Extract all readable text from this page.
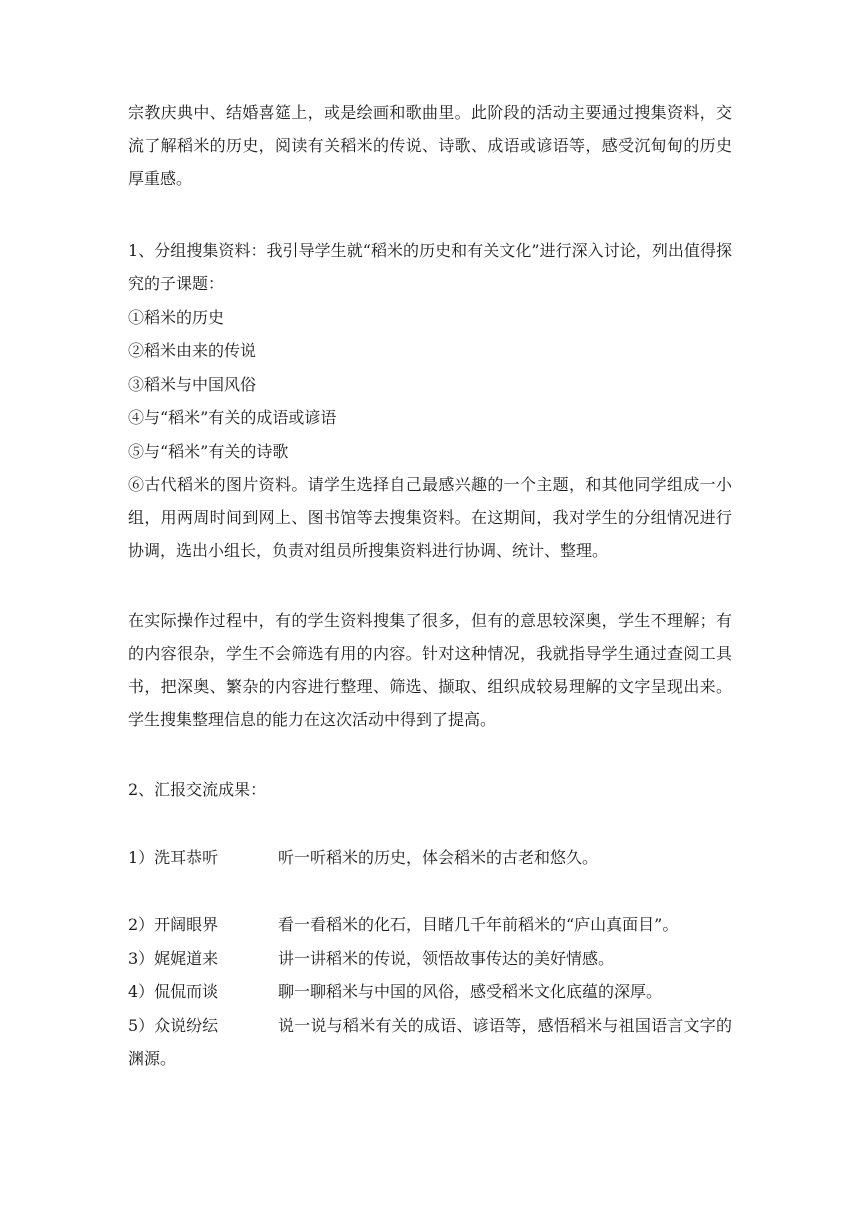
宗教庆典中、结婚喜筵上，或是绘画和歌曲里。此阶段的活动主要通过搜集资料，交流了解稻米的历史，阅读有关稻米的传说、诗歌、成语或谚语等，感受沉甸甸的历史厚重感。

1、分组搜集资料：我引导学生就“稻米的历史和有关文化”进行深入讨论，列出值得探究的子课题：

①稻米的历史

②稻米由来的传说

③稻米与中国风俗

④与“稻米”有关的成语或谚语

⑤与“稻米”有关的诗歌

⑥古代稻米的图片资料。请学生选择自己最感兴趣的一个主题，和其他同学组成一小组，用两周时间到网上、图书馆等去搜集资料。在这期间，我对学生的分组情况进行协调，选出小组长，负责对组员所搜集资料进行协调、统计、整理。

在实际操作过程中，有的学生资料搜集了很多，但有的意思较深奥，学生不理解；有的内容很杂，学生不会筛选有用的内容。针对这种情况，我就指导学生通过查阅工具书，把深奥、繁杂的内容进行整理、筛选、撷取、组织成较易理解的文字呈现出来。学生搜集整理信息的能力在这次活动中得到了提高。

2、汇报交流成果：

1）洗耳恭听	听一听稻米的历史，体会稻米的古老和悠久。
2）开阔眼界	看一看稻米的化石，目睹几千年前稻米的“庐山真面目”。
3）娓娓道来	讲一讲稻米的传说，领悟故事传达的美好情感。
4）侃侃而谈	聊一聊稻米与中国的风俗，感受稻米文化底蕴的深厚。
5）众说纷纭	说一说与稻米有关的成语、谚语等，感悟稻米与祖国语言文字的渊源。
